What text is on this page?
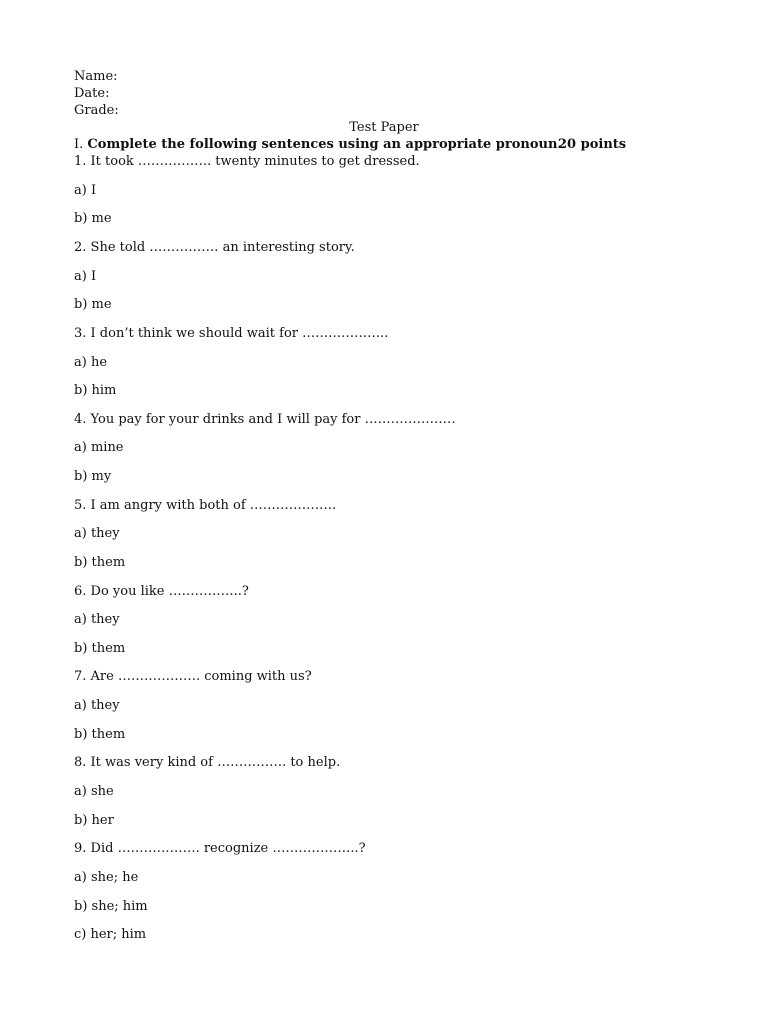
Name:
Date:
Grade:
Test Paper
I. Complete the following sentences using an appropriate pronoun.
20 points
1. It took …………….. twenty minutes to get dressed.
a) I
b) me
2. She told ……………. an interesting story.
a) I
b) me
3. I don’t think we should wait for ………………..
a) he
b) him
4. You pay for your drinks and I will pay for …………………
a) mine
b) my
5. I am angry with both of ………………..
a) they
b) them
6. Do you like ……………..?
a) they
b) them
7. Are ………………. coming with us?
a) they
b) them
8. It was very kind of ……………. to help.
a) she
b) her
9. Did ………………. recognize ………………..?
a) she; he
b) she; him
c) her; him
